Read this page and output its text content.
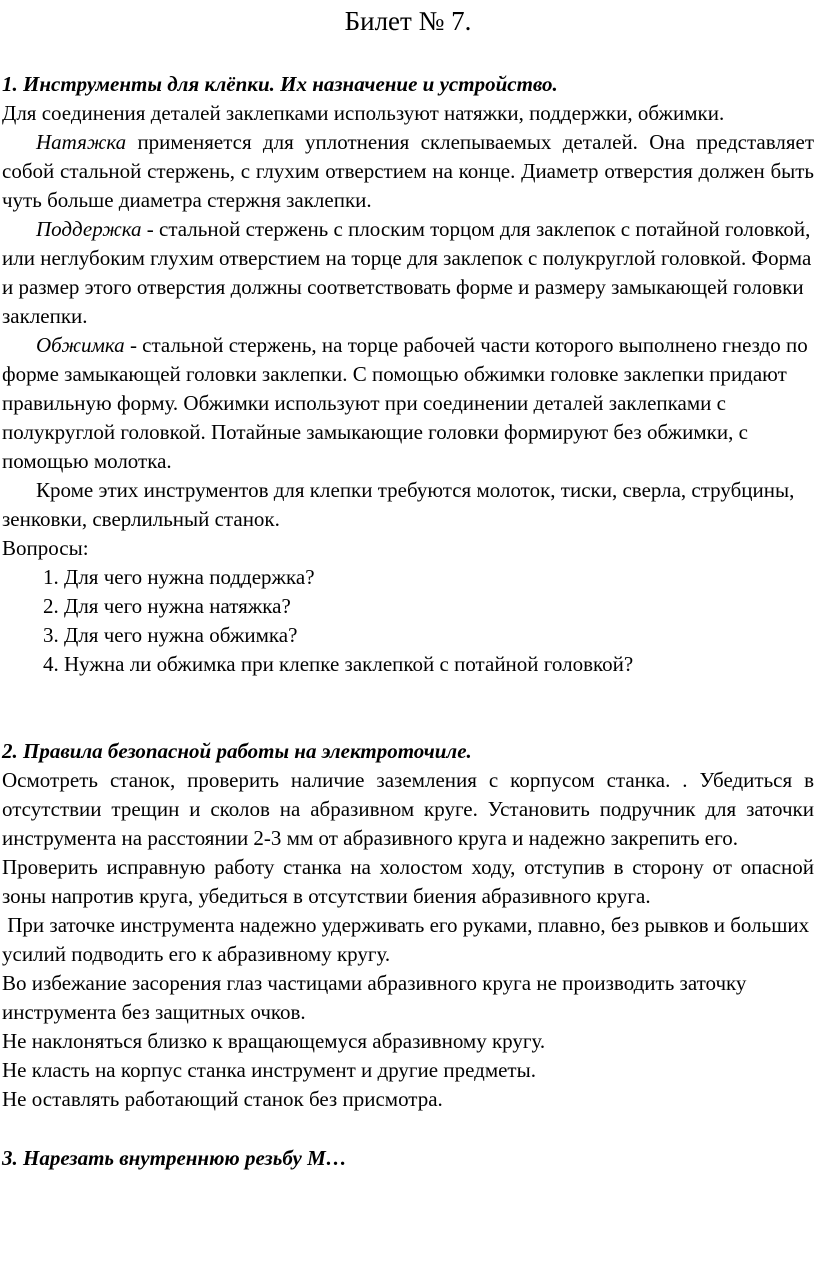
Билет № 7.

1. Инструменты для клёпки. Их назначение и устройство.

Для соединения деталей заклепками используют натяжки, поддержки, обжимки.

Натяжка применяется для уплотнения склепываемых деталей. Она представляет собой стальной стержень, с глухим отверстием на конце. Диаметр отверстия должен быть чуть больше диаметра стержня заклепки.

Поддержка - стальной стержень с плоским торцом для заклепок с потайной головкой, или неглубоким глухим отверстием на торце для заклепок с полукруглой головкой. Форма и размер этого отверстия должны соответствовать форме и размеру замыкающей головки заклепки.

Обжимка - стальной стержень, на торце рабочей части которого выполнено гнездо по форме замыкающей головки заклепки. С помощью обжимки головке заклепки придают правильную форму. Обжимки используют при соединении деталей заклепками с полукруглой головкой. Потайные замыкающие головки формируют без обжимки, с помощью молотка.

Кроме этих инструментов для клепки требуются молоток, тиски, сверла, струбцины, зенковки, сверлильный станок.

Вопросы:

1. Для чего нужна поддержка?
2. Для чего нужна натяжка?
3. Для чего нужна обжимка?
4. Нужна ли обжимка при клепке заклепкой с потайной головкой?

2. Правила безопасной работы на электроточиле.

Осмотреть станок, проверить наличие заземления с корпусом станка. . Убедиться в отсутствии трещин и сколов на абразивном круге. Установить подручник для заточки инструмента на расстоянии 2-3 мм от абразивного круга и надежно закрепить его.

Проверить исправную работу станка на холостом ходу, отступив в сторону от опасной зоны напротив круга, убедиться в отсутствии биения абразивного круга.

При заточке инструмента надежно удерживать его руками, плавно, без рывков и больших усилий подводить его к абразивному кругу.

Во избежание засорения глаз частицами абразивного круга не производить заточку инструмента без защитных очков.

Не наклоняться близко к вращающемуся абразивному кругу.

Не класть на корпус станка инструмент и другие предметы.

Не оставлять работающий станок без присмотра.

3. Нарезать внутреннюю резьбу М…
